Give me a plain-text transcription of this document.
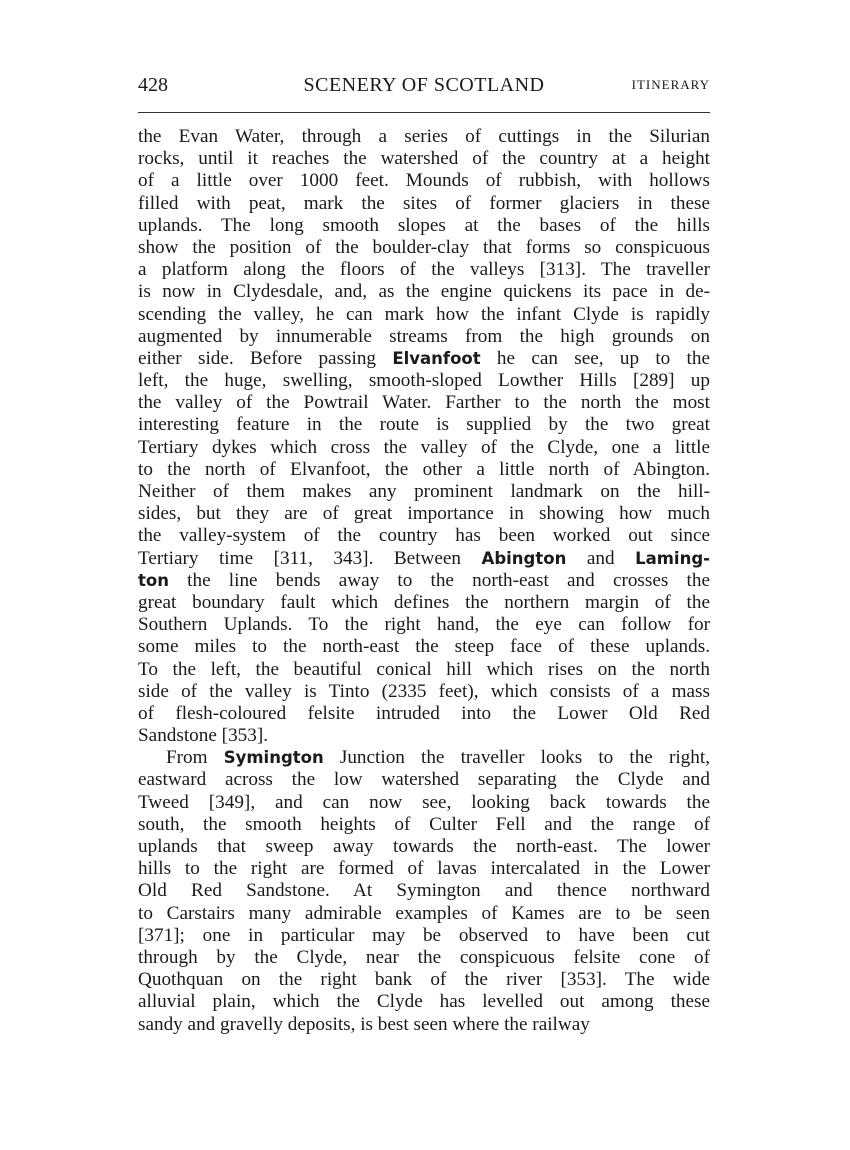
428	SCENERY OF SCOTLAND	ITINERARY
the Evan Water, through a series of cuttings in the Silurian
rocks, until it reaches the watershed of the country at a height
of a little over 1000 feet. Mounds of rubbish, with hollows
filled with peat, mark the sites of former glaciers in these
uplands. The long smooth slopes at the bases of the hills
show the position of the boulder-clay that forms so conspicuous
a platform along the floors of the valleys [313]. The traveller
is now in Clydesdale, and, as the engine quickens its pace in de-
scending the valley, he can mark how the infant Clyde is rapidly
augmented by innumerable streams from the high grounds on
either side. Before passing Elvanfoot he can see, up to the
left, the huge, swelling, smooth-sloped Lowther Hills [289] up
the valley of the Powtrail Water. Farther to the north the most
interesting feature in the route is supplied by the two great
Tertiary dykes which cross the valley of the Clyde, one a little
to the north of Elvanfoot, the other a little north of Abington.
Neither of them makes any prominent landmark on the hill-
sides, but they are of great importance in showing how much
the valley-system of the country has been worked out since
Tertiary time [311, 343]. Between Abington and Laming-
ton the line bends away to the north-east and crosses the
great boundary fault which defines the northern margin of the
Southern Uplands. To the right hand, the eye can follow for
some miles to the north-east the steep face of these uplands.
To the left, the beautiful conical hill which rises on the north
side of the valley is Tinto (2335 feet), which consists of a mass
of flesh-coloured felsite intruded into the Lower Old Red
Sandstone [353].
From Symington Junction the traveller looks to the right,
eastward across the low watershed separating the Clyde and
Tweed [349], and can now see, looking back towards the
south, the smooth heights of Culter Fell and the range of
uplands that sweep away towards the north-east. The lower
hills to the right are formed of lavas intercalated in the Lower
Old Red Sandstone. At Symington and thence northward
to Carstairs many admirable examples of Kames are to be seen
[371]; one in particular may be observed to have been cut
through by the Clyde, near the conspicuous felsite cone of
Quothquan on the right bank of the river [353]. The wide
alluvial plain, which the Clyde has levelled out among these
sandy and gravelly deposits, is best seen where the railway
